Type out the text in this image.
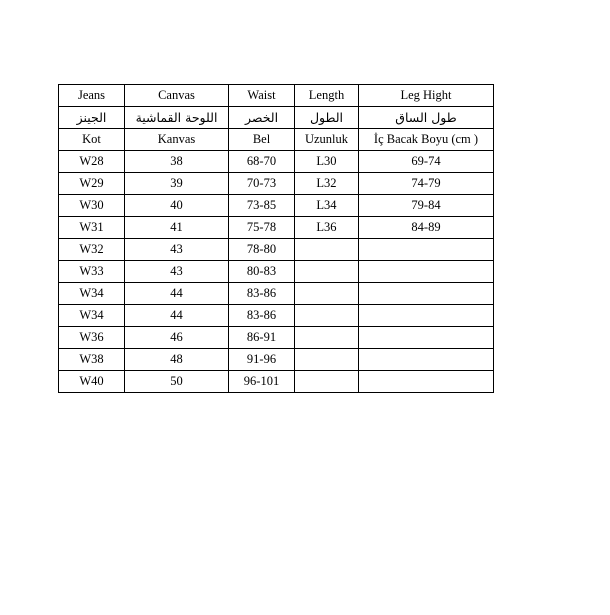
Jeans	Canvas	Waist	Length	Leg Hight
الجينز	اللوحة القماشية	الخصر	الطول	طول الساق
Kot	Kanvas	Bel	Uzunluk	İç Bacak Boyu (cm )
W28	38	68-70	L30	69-74
W29	39	70-73	L32	74-79
W30	40	73-85	L34	79-84
W31	41	75-78	L36	84-89
W32	43	78-80		
W33	43	80-83		
W34	44	83-86		
W34	44	83-86		
W36	46	86-91		
W38	48	91-96		
W40	50	96-101		
